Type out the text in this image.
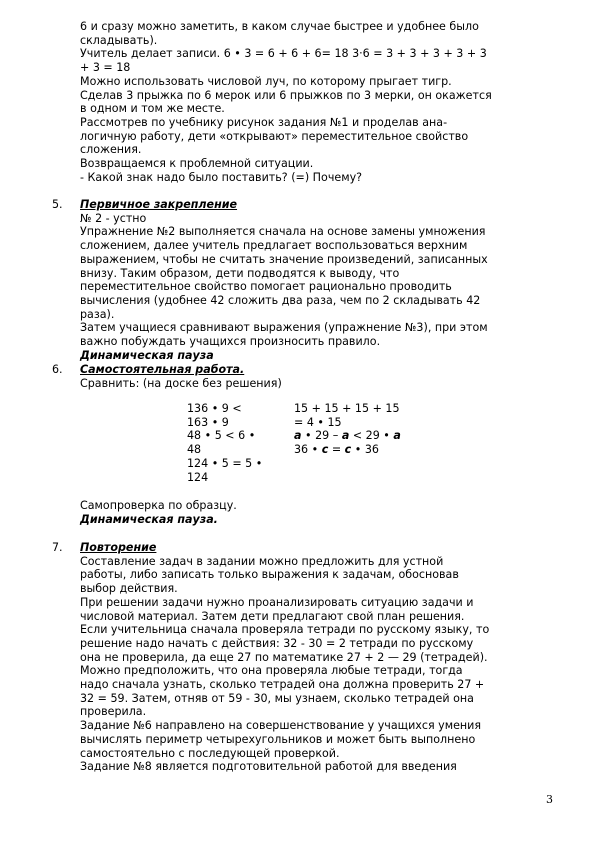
6 и сразу можно заметить, в каком случае быстрее и удобнее было

складывать).

Учитель делает записи. 6 • 3 = 6 + 6 + 6= 18 3·6 = 3 + 3 + 3 + 3 + 3

+ 3 = 18

Можно использовать числовой луч, по которому прыгает тигр.

Сделав 3 прыжка по 6 мерок или 6 прыжков по 3 мерки, он окажется

в одном и том же месте.

Рассмотрев по учебнику рисунок задания №1 и проделав ана-

логичную работу, дети «открывают» переместительное свойство

сложения.

Возвращаемся к проблемной ситуации.

- Какой знак надо было поставить? (=) Почему?

5. Первичное закрепление

№ 2 - устно

Упражнение №2 выполняется сначала на основе замены умножения

сложением, далее учитель предлагает воспользоваться верхним

выражением, чтобы не считать значение произведений, записанных

внизу. Таким образом, дети подводятся к выводу, что

переместительное свойство помогает рационально проводить

вычисления (удобнее 42 сложить два раза, чем по 2 складывать 42

раза).

Затем учащиеся сравнивают выражения (упражнение №3), при этом

важно побуждать учащихся произносить правило.

Динамическая пауза

6. Самостоятельная работа.

Сравнить: (на доске без решения)

136 • 9 <

163 • 9

48 • 5 < 6 •

48

124 • 5 = 5 •

124

15 + 15 + 15 + 15

= 4 • 15

a • 29 – a < 29 • a

36 • c = c • 36

Самопроверка по образцу.

Динамическая пауза.

7. Повторение

Составление задач в задании можно предложить для устной

работы, либо записать только выражения к задачам, обосновав

выбор действия.

При решении задачи нужно проанализировать ситуацию задачи и

числовой материал. Затем дети предлагают свой план решения.

Если учительница сначала проверяла тетради по русскому языку, то

решение надо начать с действия: 32 - 30 = 2 тетради по русскому

она не проверила, да еще 27 по математике 27 + 2 — 29 (тетрадей).

Можно предположить, что она проверяла любые тетради, тогда

надо сначала узнать, сколько тетрадей она должна проверить 27 +

32 = 59. Затем, отняв от 59 - 30, мы узнаем, сколько тетрадей она

проверила.

Задание №6 направлено на совершенствование у учащихся умения

вычислять периметр четырехугольников и может быть выполнено

самостоятельно с последующей проверкой.

Задание №8 является подготовительной работой для введения

3
